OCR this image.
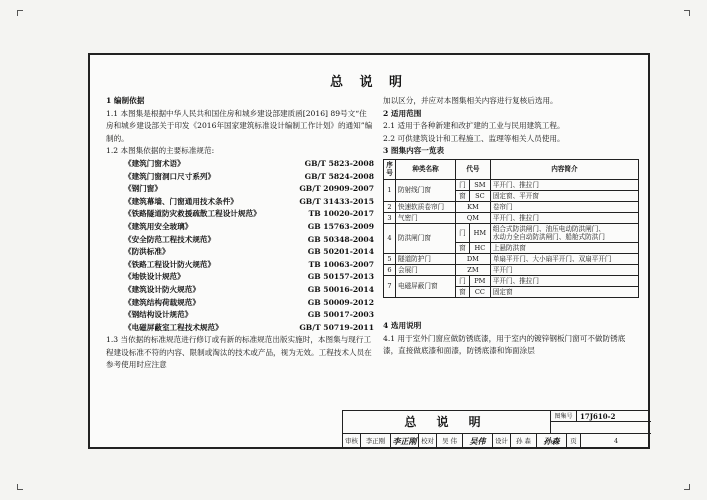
总 说 明
1 编制依据
1.1 本图集是根据中华人民共和国住房和城乡建设部建质函[2016] 89号文“住房和城乡建设部关于印发《2016年国家建筑标准设计编制工作计划》的通知”编制的。
1.2 本图集依据的主要标准规范:
《建筑门窗术语》	GB/T 5823-2008
《建筑门窗洞口尺寸系列》	GB/T 5824-2008
《钢门窗》	GB/T 20909-2007
《建筑幕墙、门窗通用技术条件》	GB/T 31433-2015
《铁路隧道防灾救援疏散工程设计规范》	TB 10020-2017
《建筑用安全玻璃》	GB 15763-2009
《安全防范工程技术规范》	GB 50348-2004
《防洪标准》	GB 50201-2014
《铁路工程设计防火规范》	TB 10063-2007
《地铁设计规范》	GB 50157-2013
《建筑设计防火规范》	GB 50016-2014
《建筑结构荷载规范》	GB 50009-2012
《钢结构设计规范》	GB 50017-2003
《电磁屏蔽室工程技术规范》	GB/T 50719-2011
1.3 当依据的标准规范进行修订或有新的标准规范出版实施时，本图集与现行工程建设标准不符的内容、限制或淘汰的技术或产品，视为无效。工程技术人员在参考使用时应注意
加以区分，并应对本图集相关内容进行复核后选用。
2 适用范围
2.1 适用于各种新建和改扩建的工业与民用建筑工程。
2.2 可供建筑设计和工程施工、监理等相关人员使用。
3 图集内容一览表
序号	种类名称	代号		内容简介
1	防射线门窗	门	SM	平开门、推拉门

		窗	SC	固定窗、平开窗

2	快速软质卷帘门	KM		卷帘门

3	气密门	QM		平开门、推拉门

4	防洪闸门窗	门	HM	组合式防洪闸门、油压电动防洪闸门、
水动力全自动防洪闸门、船舱式防洪门

		窗	HC	上悬防洪窗

5	隧道防护门	DM		单扇平开门、大小扇平开门、双扇平开门

6	会展门	ZM		平开门

7	电磁屏蔽门窗	门	PM	平开门、推拉门

		窗	CC	固定窗
4 选用说明
4.1 用于室外门窗应做防锈底漆，用于室内的镀锌钢板门窗可不做防锈底漆，直接做底漆和面漆，防锈底漆和饰面涂层
总 说 明	图集号	17J610-2
审核	李正刚 李正刚 校对	吴 伟	吴伟	设计	孙 森	孙森	页	4
